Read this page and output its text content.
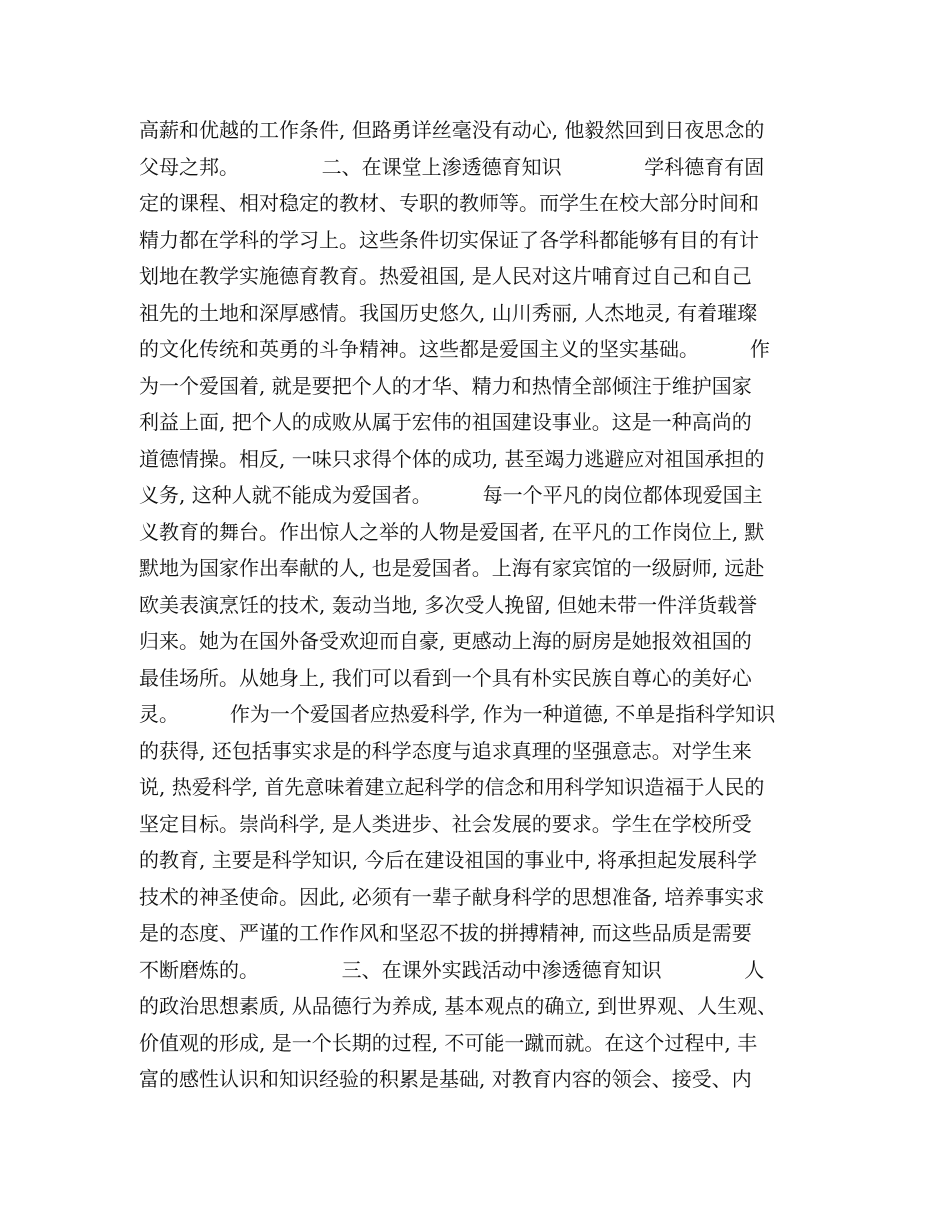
高薪和优越的工作条件, 但路勇详丝毫没有动心, 他毅然回到日夜思念的
父母之邦。             二、在课堂上渗透德育知识             学科德育有固
定的课程、相对稳定的教材、专职的教师等。而学生在校大部分时间和
精力都在学科的学习上。这些条件切实保证了各学科都能够有目的有计
划地在教学实施德育教育。热爱祖国, 是人民对这片哺育过自己和自己
祖先的土地和深厚感情。我国历史悠久, 山川秀丽, 人杰地灵, 有着璀璨
的文化传统和英勇的斗争精神。这些都是爱国主义的坚实基础。        作
为一个爱国着, 就是要把个人的才华、精力和热情全部倾注于维护国家
利益上面, 把个人的成败从属于宏伟的祖国建设事业。这是一种高尚的
道德情操。相反, 一味只求得个体的成功, 甚至竭力逃避应对祖国承担的
义务, 这种人就不能成为爱国者。        每一个平凡的岗位都体现爱国主
义教育的舞台。作出惊人之举的人物是爱国者, 在平凡的工作岗位上, 默
默地为国家作出奉献的人, 也是爱国者。上海有家宾馆的一级厨师, 远赴
欧美表演烹饪的技术, 轰动当地, 多次受人挽留, 但她未带一件洋货载誉
归来。她为在国外备受欢迎而自豪, 更感动上海的厨房是她报效祖国的
最佳场所。从她身上, 我们可以看到一个具有朴实民族自尊心的美好心
灵。        作为一个爱国者应热爱科学, 作为一种道德, 不单是指科学知识
的获得, 还包括事实求是的科学态度与追求真理的坚强意志。对学生来
说, 热爱科学, 首先意味着建立起科学的信念和用科学知识造福于人民的
坚定目标。崇尚科学, 是人类进步、社会发展的要求。学生在学校所受
的教育, 主要是科学知识, 今后在建设祖国的事业中, 将承担起发展科学
技术的神圣使命。因此, 必须有一辈子献身科学的思想准备, 培养事实求
是的态度、严谨的工作作风和坚忍不拔的拼搏精神, 而这些品质是需要
不断磨炼的。             三、在课外实践活动中渗透德育知识             人
的政治思想素质, 从品德行为养成, 基本观点的确立, 到世界观、人生观、
价值观的形成, 是一个长期的过程, 不可能一蹴而就。在这个过程中, 丰
富的感性认识和知识经验的积累是基础, 对教育内容的领会、接受、内
